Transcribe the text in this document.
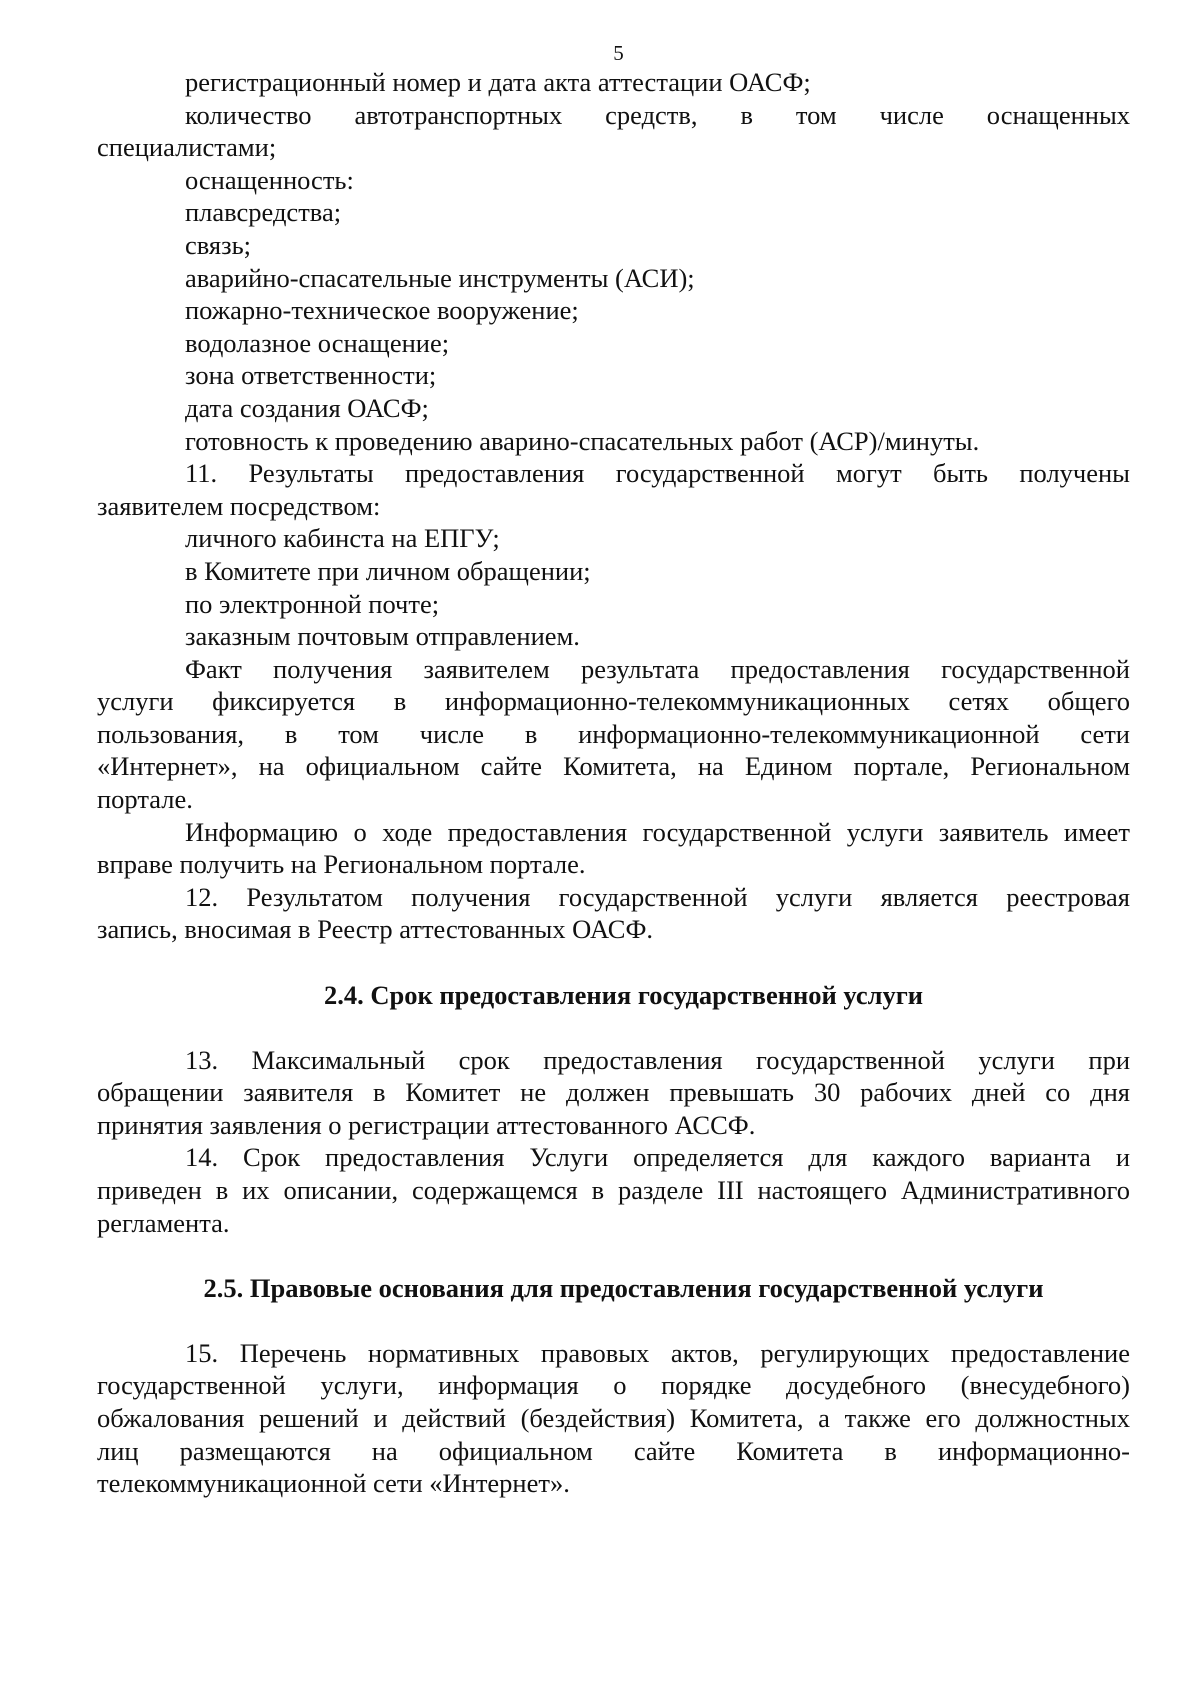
5
регистрационный номер и дата акта аттестации ОАСФ;
количество автотранспортных средств, в том числе оснащенных
специалистами;
оснащенность:
плавсредства;
связь;
аварийно-спасательные инструменты (АСИ);
пожарно-техническое вооружение;
водолазное оснащение;
зона ответственности;
дата создания ОАСФ;
готовность к проведению аварино-спасательных работ (АСР)/минуты.
11. Результаты предоставления государственной могут быть получены
заявителем посредством:
личного кабинста на ЕПГУ;
в Комитете при личном обращении;
по электронной почте;
заказным почтовым отправлением.
Факт получения заявителем результата предоставления государственной
услуги фиксируется в информационно-телекоммуникационных сетях общего
пользования, в том числе в информационно-телекоммуникационной сети
«Интернет», на официальном сайте Комитета, на Едином портале, Региональном
портале.
Информацию о ходе предоставления государственной услуги заявитель имеет
вправе получить на Региональном портале.
12. Результатом получения государственной услуги является реестровая
запись, вносимая в Реестр аттестованных ОАСФ.
2.4. Срок предоставления государственной услуги
13. Максимальный срок предоставления государственной услуги при
обращении заявителя в Комитет не должен превышать 30 рабочих дней со дня
принятия заявления о регистрации аттестованного АССФ.
14. Срок предоставления Услуги определяется для каждого варианта и
приведен в их описании, содержащемся в разделе III настоящего Административного
регламента.
2.5. Правовые основания для предоставления государственной услуги
15. Перечень нормативных правовых актов, регулирующих предоставление
государственной услуги, информация о порядке досудебного (внесудебного)
обжалования решений и действий (бездействия) Комитета, а также его должностных
лиц размещаются на официальном сайте Комитета в информационно-
телекоммуникационной сети «Интернет».
